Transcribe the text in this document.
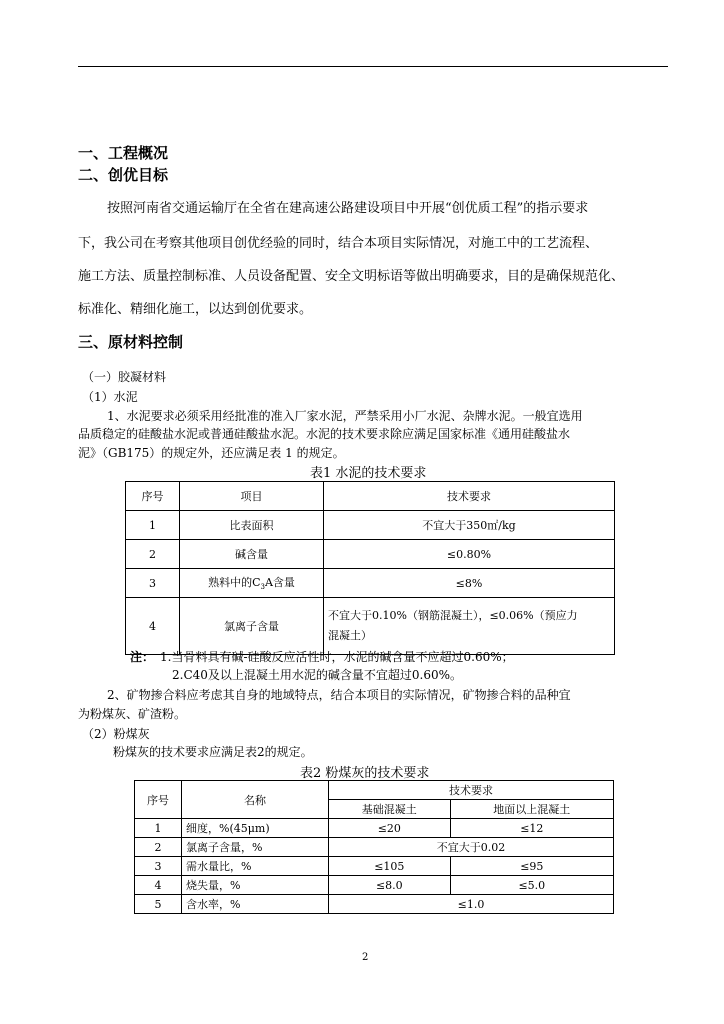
一、工程概况
二、创优目标
按照河南省交通运输厅在全省在建高速公路建设项目中开展“创优质工程”的指示要求
下，我公司在考察其他项目创优经验的同时，结合本项目实际情况，对施工中的工艺流程、
施工方法、质量控制标准、人员设备配置、安全文明标语等做出明确要求，目的是确保规范化、
标准化、精细化施工，以达到创优要求。
三、原材料控制
（一）胶凝材料
（1）水泥
1、水泥要求必须采用经批准的准入厂家水泥，严禁采用小厂水泥、杂牌水泥。一般宜选用
品质稳定的硅酸盐水泥或普通硅酸盐水泥。水泥的技术要求除应满足国家标准《通用硅酸盐水
泥》（GB175）的规定外，还应满足表 1 的规定。
表1 水泥的技术要求
序号	项目	技术要求
1	比表面积	不宜大于350㎡/kg
2	碱含量	≤0.80%
3	熟料中的$C_3A$含量	≤8%
4	氯离子含量	不宜大于0.10%（钢筋混凝土），≤0.06%（预应力
混凝土）
注： 1.当骨料具有碱-硅酸反应活性时，水泥的碱含量不应超过0.60%；
2.C40及以上混凝土用水泥的碱含量不宜超过0.60%。
2、矿物掺合料应考虑其自身的地域特点，结合本项目的实际情况，矿物掺合料的品种宜
为粉煤灰、矿渣粉。
（2）粉煤灰
粉煤灰的技术要求应满足表2的规定。
表2 粉煤灰的技术要求
序号	名称	技术要求	
		基础混凝土	地面以上混凝土
1	细度，%(45μm)	≤20	≤12
2	氯离子含量，%	不宜大于0.02	
3	需水量比，%	≤105	≤95
4	烧失量，%	≤8.0	≤5.0
5	含水率，%	≤1.0	
2
